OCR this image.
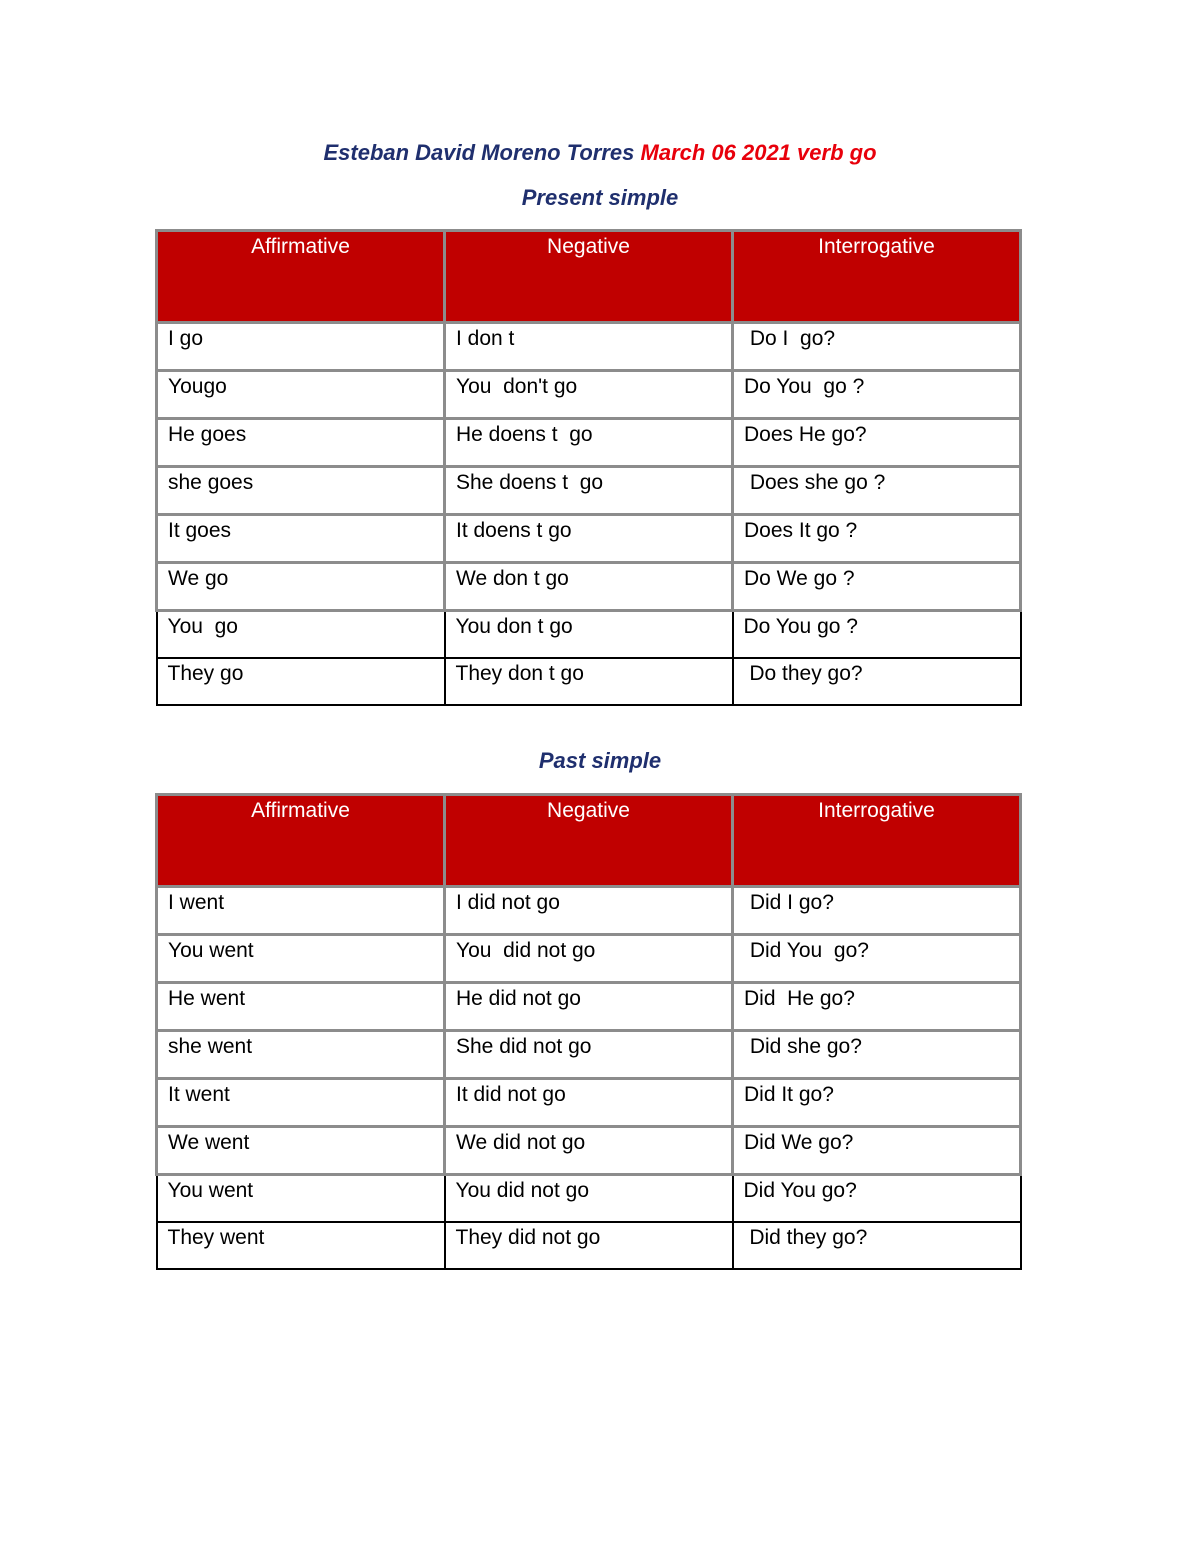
Esteban David Moreno Torres March 06 2021 verb go
Present simple
Affirmative	Negative	Interrogative
I go	I don t	Do I  go?
Yougo	You  don't go	Do You  go ?
He goes	He doens t  go	Does He go?
she goes	She doens t  go	Does she go ?
It goes	It doens t go	Does It go ?
We go	We don t go	Do We go ?
You  go	You don t go	Do You go ?
They go	They don t go	Do they go?
Past simple
Affirmative	Negative	Interrogative
I went	I did not go	Did I go?
You went	You  did not go	Did You  go?
He went	He did not go	Did  He go?
she went	She did not go	Did she go?
It went	It did not go	Did It go?
We went	We did not go	Did We go?
You went	You did not go	Did You go?
They went	They did not go	Did they go?
